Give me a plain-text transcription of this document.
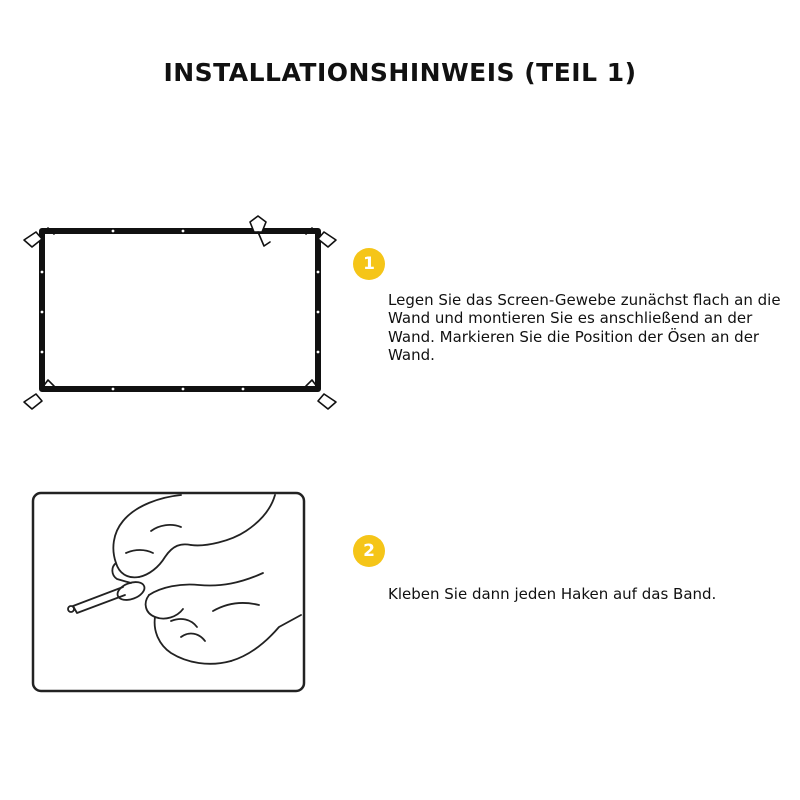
INSTALLATIONSHINWEIS (TEIL 1)
1
Legen Sie das Screen-Gewebe zunächst flach an die Wand und montieren Sie es anschließend an der Wand. Markieren Sie die Position der Ösen an der Wand.
2
Kleben Sie dann jeden Haken auf das Band.
